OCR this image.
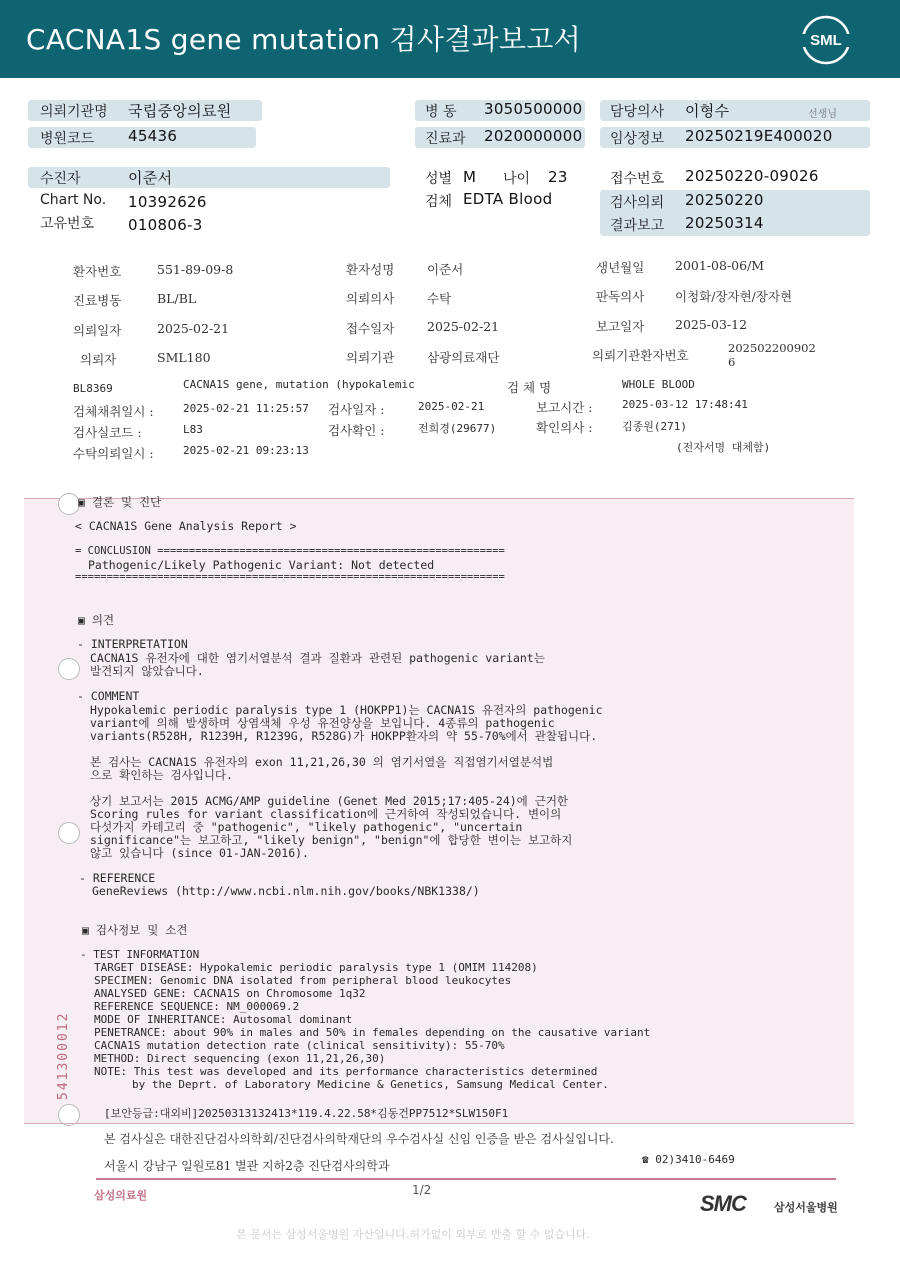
CACNA1S gene mutation 검사결과보고서	SML
의뢰기관명 국립중앙의료원
병원코드 45436
병 동 3050500000
진료과 2020000000
담당의사 이형수	선생님
임상정보 20250219E400020
수진자	이준서
Chart No. 10392626
고유번호 010806-3
성별 M 나이 23
검체 EDTA Blood
접수번호 20250220-09026
검사의뢰 20250220
결과보고 20250314
환자번호	551-89-09-8	환자성명	이준서	생년월일 2001-08-06/M
진료병동	BL/BL	의뢰의사	수탁	판독의사 이청화/장자현/장자현
의뢰일자	2025-02-21	접수일자	2025-02-21	보고일자 2025-03-12
의뢰자	SML180	의뢰기관	삼광의료재단	의뢰기관환자번호	202502200902
6
BL8369	CACNA1S gene, mutation (hypokalemic	검 체 명	WHOLE BLOOD
검체채취일시 :	2025-02-21 11:25:57 검사일자 :	2025-02-21	보고시간 :	2025-03-12 17:48:41
검사실코드 :	L83	검사확인 :	전희경(29677)	확인의사 :	김종원(271)
수탁의뢰일시 :	2025-02-21 09:23:13	(전자서명 대체함)
▣ 결론 및 진단
< CACNA1S Gene Analysis Report >
= CONCLUSION =======================================================
Pathogenic/Likely Pathogenic Variant: Not detected
====================================================================
▣ 의견
- INTERPRETATION
CACNA1S 유전자에 대한 염기서열분석 결과 질환과 관련된 pathogenic variant는
발견되지 않았습니다.
- COMMENT
Hypokalemic periodic paralysis type 1 (HOKPP1)는 CACNA1S 유전자의 pathogenic
variant에 의해 발생하며 상염색체 우성 유전양상을 보입니다. 4종류의 pathogenic
variants(R528H, R1239H, R1239G, R528G)가 HOKPP환자의 약 55-70%에서 관찰됩니다.
본 검사는 CACNA1S 유전자의 exon 11,21,26,30 의 염기서열을 직접염기서열분석법
으로 확인하는 검사입니다.
상기 보고서는 2015 ACMG/AMP guideline (Genet Med 2015;17:405-24)에 근거한
Scoring rules for variant classification에 근거하여 작성되었습니다. 변이의
다섯가지 카테고리 중 "pathogenic", "likely pathogenic", "uncertain
significance"는 보고하고, "likely benign", "benign"에 합당한 변이는 보고하지
않고 있습니다 (since 01-JAN-2016).
- REFERENCE
GeneReviews (http://www.ncbi.nlm.nih.gov/books/NBK1338/)
▣ 검사정보 및 소견
- TEST INFORMATION
TARGET DISEASE: Hypokalemic periodic paralysis type 1 (OMIM 114208)
SPECIMEN: Genomic DNA isolated from peripheral blood leukocytes
ANALYSED GENE: CACNA1S on Chromosome 1q32
REFERENCE SEQUENCE: NM_000069.2
MODE OF INHERITANCE: Autosomal dominant
PENETRANCE: about 90% in males and 50% in females depending on the causative variant
CACNA1S mutation detection rate (clinical sensitivity): 55-70%
METHOD: Direct sequencing (exon 11,21,26,30)
NOTE: This test was developed and its performance characteristics determined
by the Deprt. of Laboratory Medicine & Genetics, Samsung Medical Center.
541300012
[보안등급:대외비]20250313132413*119.4.22.58*김동건PP7512*SLW150F1
본 검사실은 대한진단검사의학회/진단검사의학재단의 우수검사실 신임 인증을 받은 검사실입니다.
서울시 강남구 일원로81 별관 지하2층 진단검사의학과	☎ 02)3410-6469
삼성의료원	1/2
SMC	삼성서울병원
본 문서는 삼성서울병원 자산입니다.허가없이 외부로 반출 할 수 없습니다.
